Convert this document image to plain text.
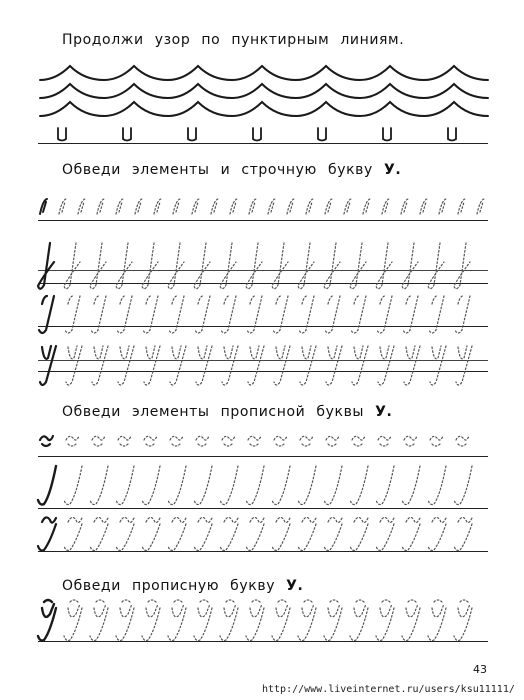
Продолжи узор по пунктирным линиям.
Обведи элементы и строчную букву У.
Обведи элементы прописной буквы У.
Обведи прописную букву У.
43
http://www.liveinternet.ru/users/ksu11111/
